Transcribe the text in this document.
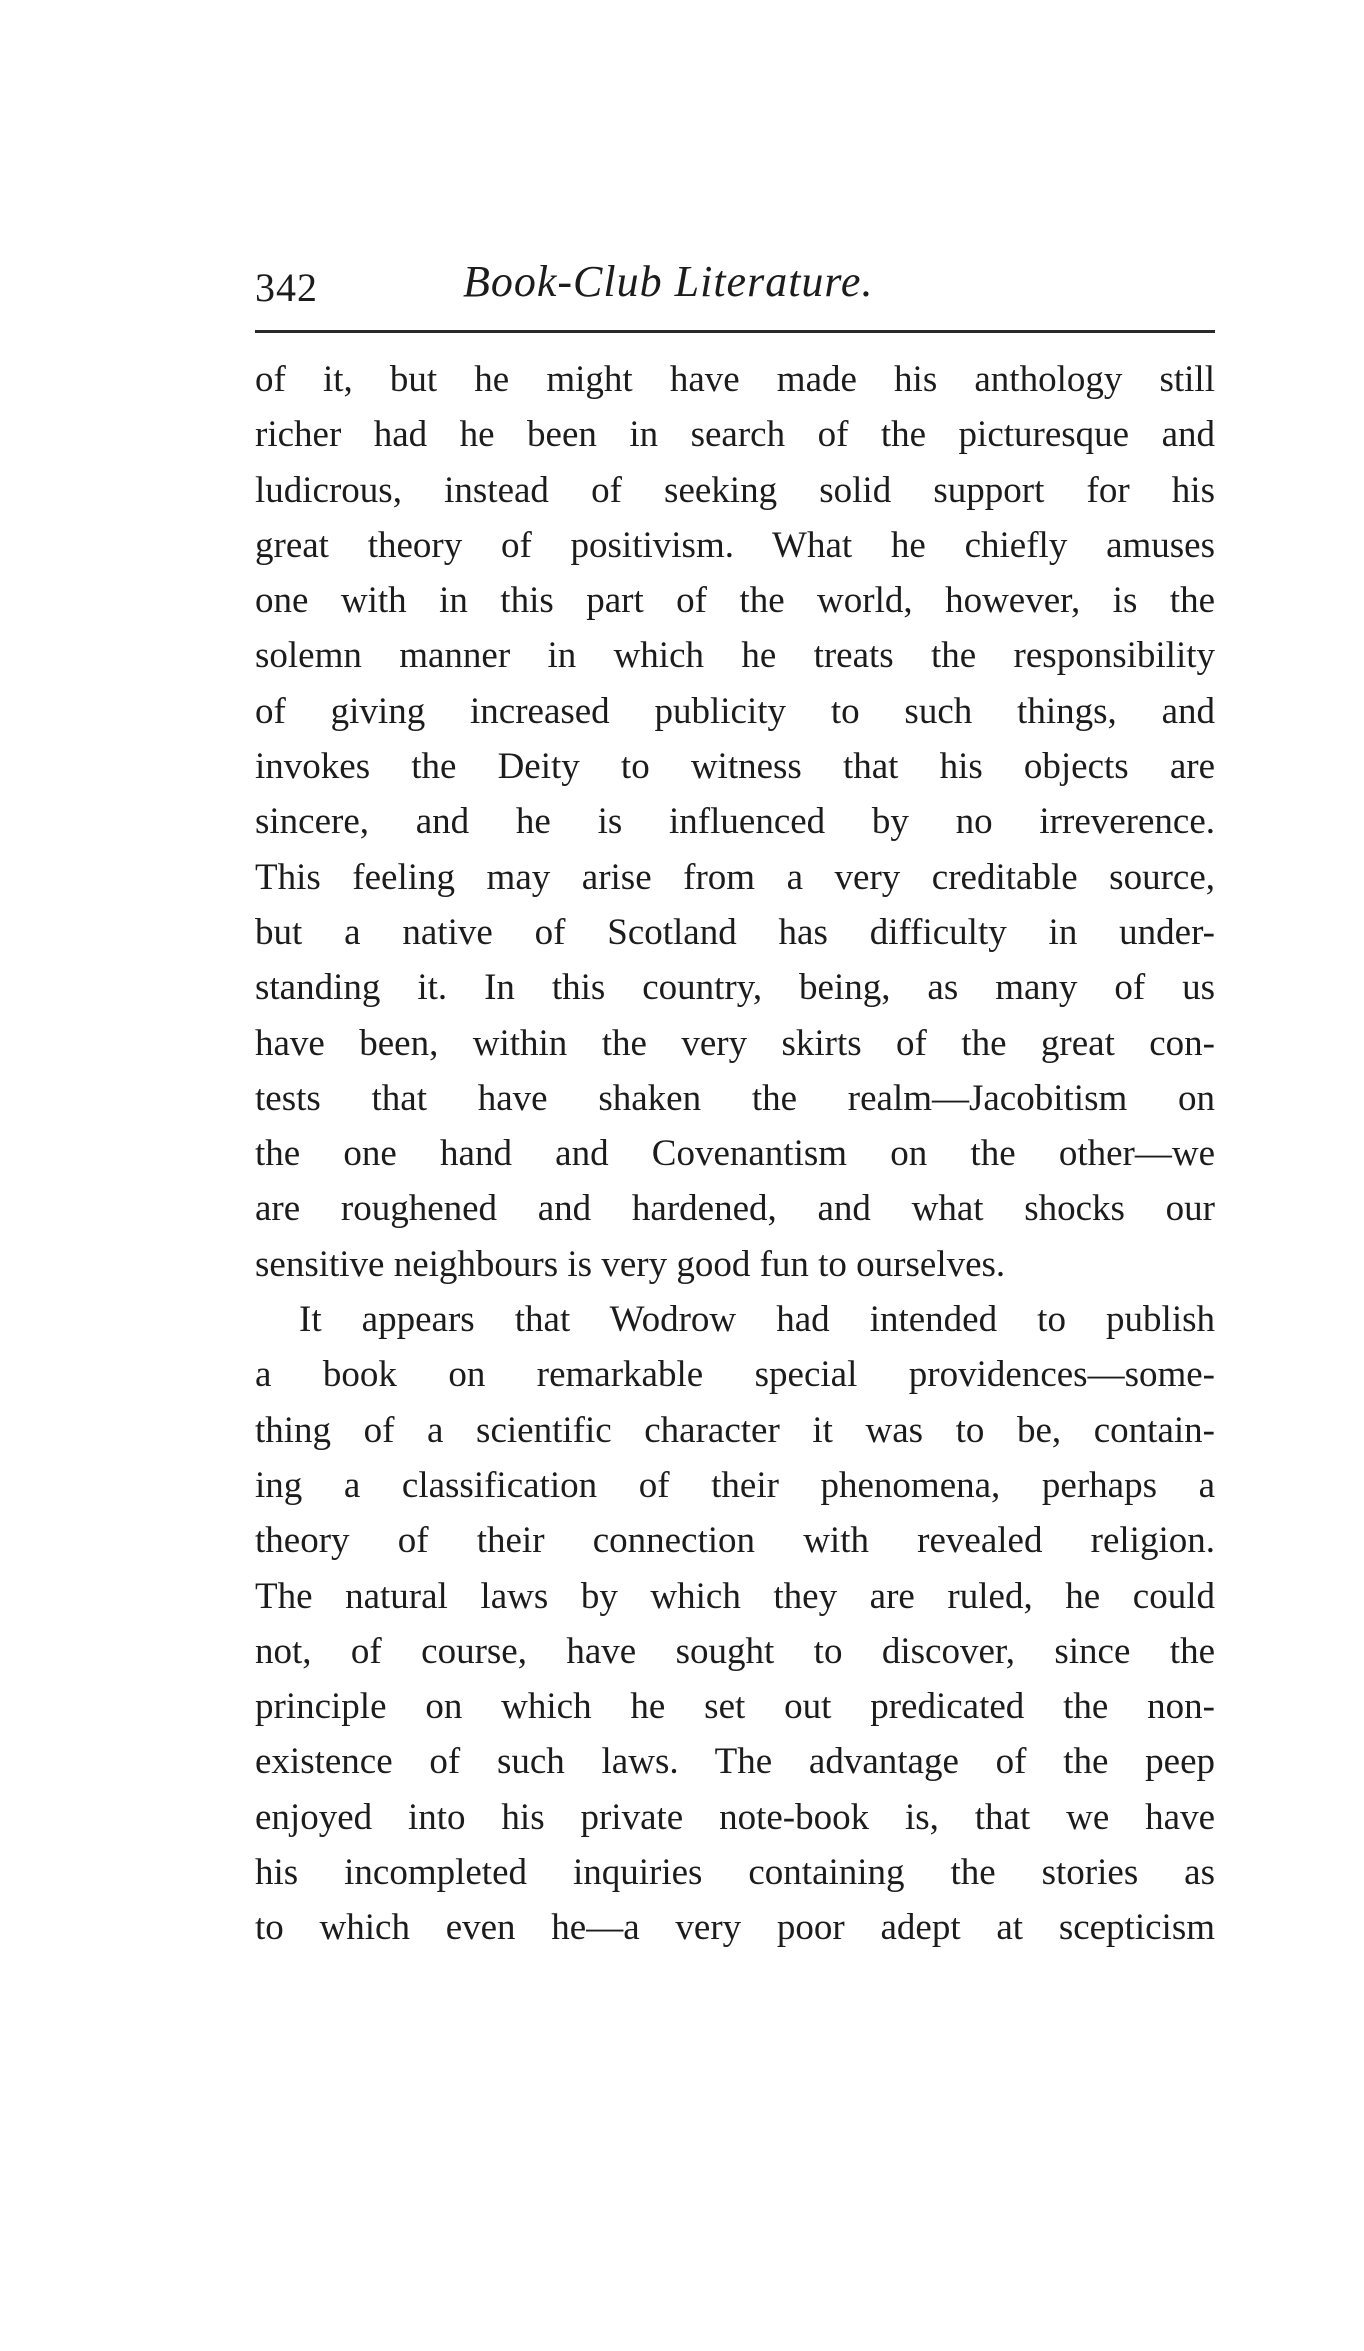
342	Book-Club Literature.
of it, but he might have made his anthology still
richer had he been in search of the picturesque and
ludicrous, instead of seeking solid support for his
great theory of positivism. What he chiefly amuses
one with in this part of the world, however, is the
solemn manner in which he treats the responsibility
of giving increased publicity to such things, and
invokes the Deity to witness that his objects are
sincere, and he is influenced by no irreverence.
This feeling may arise from a very creditable source,
but a native of Scotland has difficulty in under-
standing it. In this country, being, as many of us
have been, within the very skirts of the great con-
tests that have shaken the realm—Jacobitism on
the one hand and Covenantism on the other—we
are roughened and hardened, and what shocks our
sensitive neighbours is very good fun to ourselves.
It appears that Wodrow had intended to publish
a book on remarkable special providences—some-
thing of a scientific character it was to be, contain-
ing a classification of their phenomena, perhaps a
theory of their connection with revealed religion.
The natural laws by which they are ruled, he could
not, of course, have sought to discover, since the
principle on which he set out predicated the non-
existence of such laws. The advantage of the peep
enjoyed into his private note-book is, that we have
his incompleted inquiries containing the stories as
to which even he—a very poor adept at scepticism
